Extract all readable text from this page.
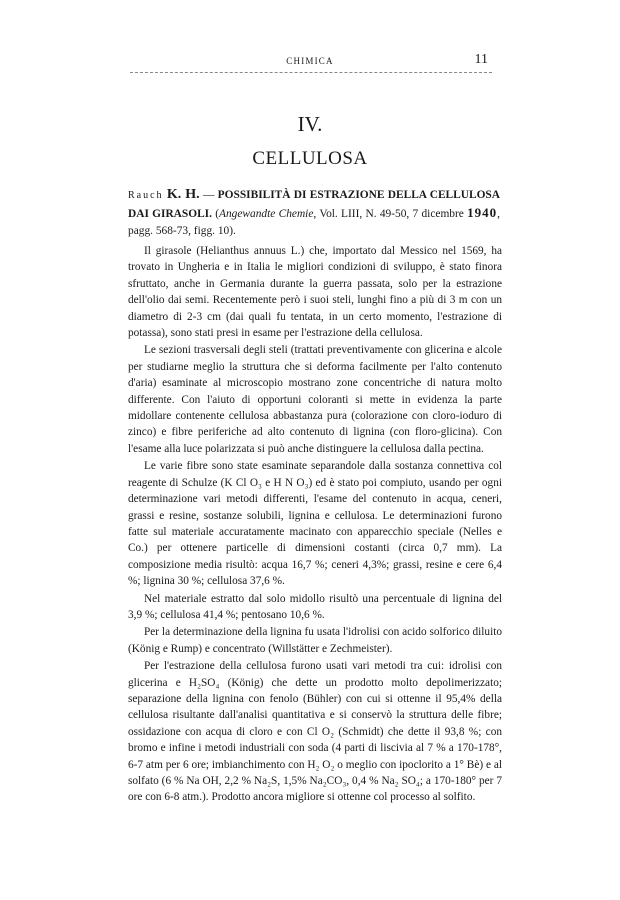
CHIMICA	11
IV.
CELLULOSA
Rauch K. H. — POSSIBILITÀ DI ESTRAZIONE DELLA CELLULOSA DAI GIRASOLI. (Angewandte Chemie, Vol. LIII, N. 49-50, 7 dicembre 1940, pagg. 568-73, figg. 10).

Il girasole (Helianthus annuus L.) che, importato dal Messico nel 1569, ha trovato in Ungheria e in Italia le migliori condizioni di sviluppo, è stato finora sfruttato, anche in Germania durante la guerra passata, solo per la estrazione dell'olio dai semi. Recentemente però i suoi steli, lunghi fino a più di 3 m con un diametro di 2-3 cm (dai quali fu tentata, in un certo momento, l'estrazione di potassa), sono stati presi in esame per l'estrazione della cellulosa.

Le sezioni trasversali degli steli (trattati preventivamente con glicerina e alcole per studiarne meglio la struttura che si deforma facilmente per l'alto contenuto d'aria) esaminate al microscopio mostrano zone concentriche di natura molto differente. Con l'aiuto di opportuni coloranti si mette in evidenza la parte midollare contenente cellulosa abbastanza pura (colorazione con cloro-ioduro di zinco) e fibre periferiche ad alto contenuto di lignina (con floro-glicina). Con l'esame alla luce polarizzata si può anche distinguere la cellulosa dalla pectina.

Le varie fibre sono state esaminate separandole dalla sostanza connettiva col reagente di Schulze (K Cl O₃ e H N O₃) ed è stato poi compiuto, usando per ogni determinazione vari metodi differenti, l'esame del contenuto in acqua, ceneri, grassi e resine, sostanze solubili, lignina e cellulosa. Le determinazioni furono fatte sul materiale accuratamente macinato con apparecchio speciale (Nelles e Co.) per ottenere particelle di dimensioni costanti (circa 0,7 mm). La composizione media risultò: acqua 16,7 %; ceneri 4,3%; grassi, resine e cere 6,4 %; lignina 30 %; cellulosa 37,6 %.

Nel materiale estratto dal solo midollo risultò una percentuale di lignina del 3,9 %; cellulosa 41,4 %; pentosano 10,6 %.

Per la determinazione della lignina fu usata l'idrolisi con acido solforico diluito (König e Rump) e concentrato (Willstätter e Zechmeister).

Per l'estrazione della cellulosa furono usati vari metodi tra cui: idrolisi con glicerina e H₂SO₄ (König) che dette un prodotto molto depolimerizzato; separazione della lignina con fenolo (Bühler) con cui si ottenne il 95,4% della cellulosa risultante dall'analisi quantitativa e si conservò la struttura delle fibre; ossidazione con acqua di cloro e con Cl O₂ (Schmidt) che dette il 93,8 %; con bromo e infine i metodi industriali con soda (4 parti di liscivia al 7 % a 170-178°, 6-7 atm per 6 ore; imbianchimento con H₂ O₂ o meglio con ipoclorito a 1° Bè) e al solfato (6 % Na OH, 2,2 % Na₂S, 1,5% Na₂CO₃, 0,4 % Na₂ SO₄; a 170-180° per 7 ore con 6-8 atm.). Prodotto ancora migliore si ottenne col processo al solfito.
